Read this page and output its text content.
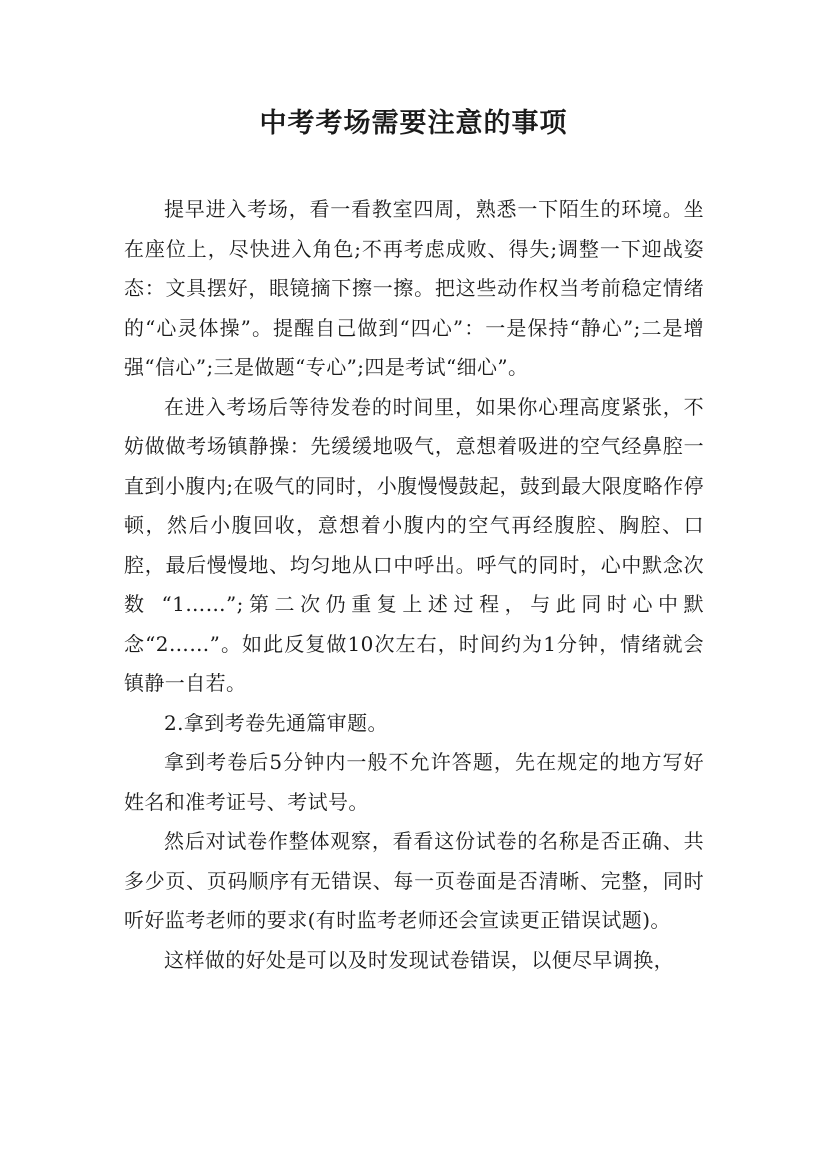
中考考场需要注意的事项

提早进入考场，看一看教室四周，熟悉一下陌生的环境。坐在座位上，尽快进入角色;不再考虑成败、得失;调整一下迎战姿态：文具摆好，眼镜摘下擦一擦。把这些动作权当考前稳定情绪的“心灵体操”。提醒自己做到“四心”：一是保持“静心”;二是增强“信心”;三是做题“专心”;四是考试“细心”。

在进入考场后等待发卷的时间里，如果你心理高度紧张，不妨做做考场镇静操：先缓缓地吸气，意想着吸进的空气经鼻腔一直到小腹内;在吸气的同时，小腹慢慢鼓起，鼓到最大限度略作停顿，然后小腹回收，意想着小腹内的空气再经腹腔、胸腔、口腔，最后慢慢地、均匀地从口中呼出。呼气的同时，心中默念次数 “1……”;第二次仍重复上述过程，与此同时心中默念“2……”。如此反复做10次左右，时间约为1分钟，情绪就会镇静一自若。

2.拿到考卷先通篇审题。

拿到考卷后5分钟内一般不允许答题，先在规定的地方写好姓名和准考证号、考试号。

然后对试卷作整体观察，看看这份试卷的名称是否正确、共多少页、页码顺序有无错误、每一页卷面是否清晰、完整，同时听好监考老师的要求(有时监考老师还会宣读更正错误试题)。

这样做的好处是可以及时发现试卷错误，以便尽早调换，
